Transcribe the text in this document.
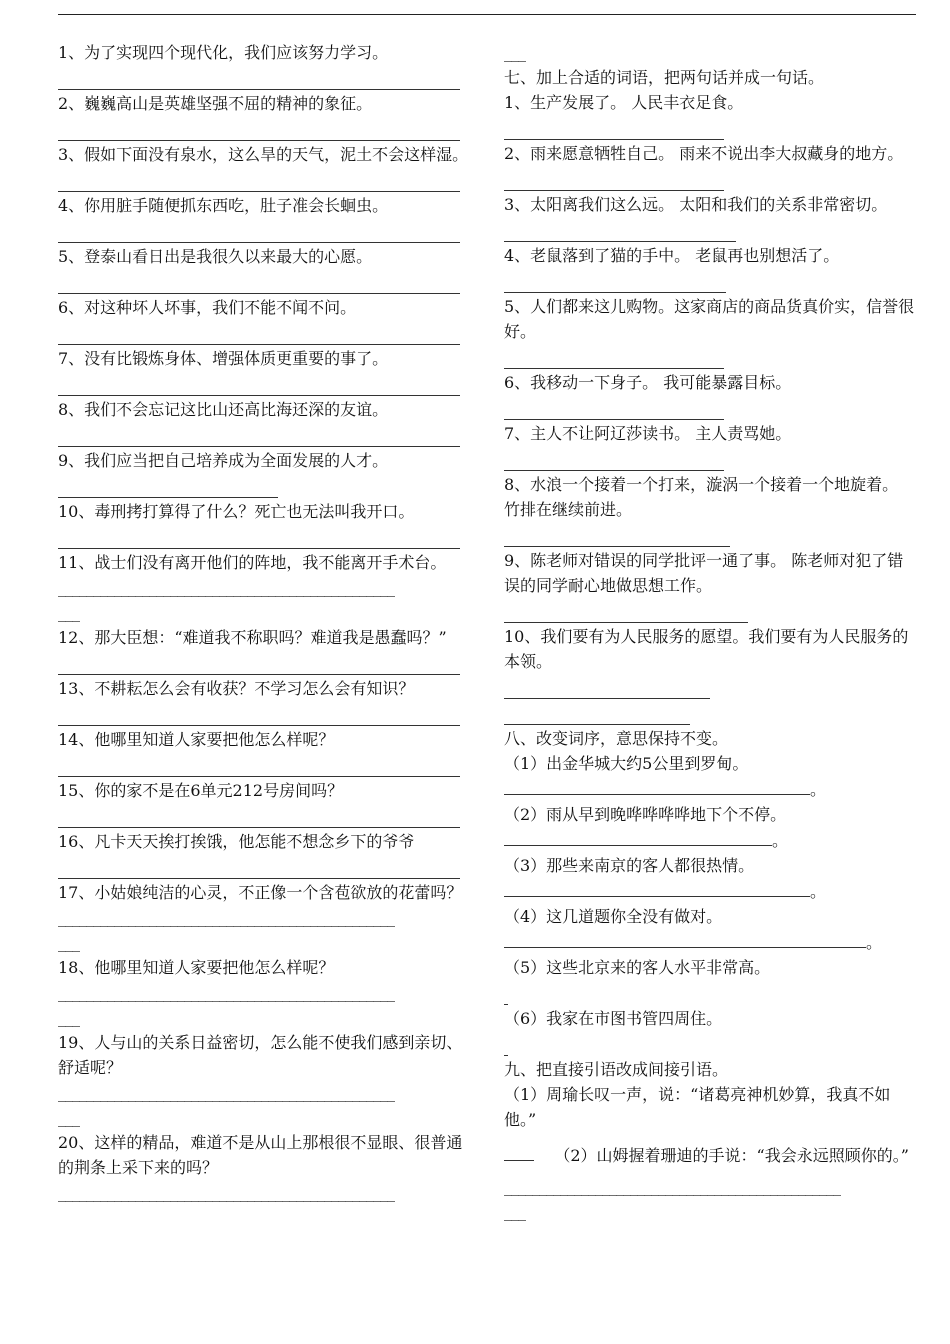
1、为了实现四个现代化，我们应该努力学习。
2、巍巍高山是英雄坚强不屈的精神的象征。
3、假如下面没有泉水，这么旱的天气，泥土不会这样湿。
4、你用脏手随便抓东西吃，肚子准会长蛔虫。
5、登泰山看日出是我很久以来最大的心愿。
6、对这种坏人坏事，我们不能不闻不问。
7、没有比锻炼身体、增强体质更重要的事了。
8、我们不会忘记这比山还高比海还深的友谊。
9、我们应当把自己培养成为全面发展的人才。
10、毒刑拷打算得了什么？死亡也无法叫我开口。
11、战士们没有离开他们的阵地，我不能离开手术台。
________________________________________________
___
12、那大臣想：“难道我不称职吗？难道我是愚蠢吗？”
13、不耕耘怎么会有收获？不学习怎么会有知识？
14、他哪里知道人家要把他怎么样呢？
15、你的家不是在6单元212号房间吗？
16、凡卡天天挨打挨饿，他怎能不想念乡下的爷爷
17、小姑娘纯洁的心灵，不正像一个含苞欲放的花蕾吗？
________________________________________________
___
18、他哪里知道人家要把他怎么样呢？
________________________________________________
___
19、人与山的关系日益密切，怎么能不使我们感到亲切、舒适呢？
________________________________________________
___
20、这样的精品，难道不是从山上那根很不显眼、很普通的荆条上采下来的吗？
________________________________________________
___
七、加上合适的词语，把两句话并成一句话。
1、生产发展了。 人民丰衣足食。
2、雨来愿意牺牲自己。 雨来不说出李大叔藏身的地方。
3、太阳离我们这么远。 太阳和我们的关系非常密切。
4、老鼠落到了猫的手中。 老鼠再也别想活了。
5、人们都来这儿购物。这家商店的商品货真价实，信誉很好。
6、我移动一下身子。 我可能暴露目标。
7、主人不让阿辽莎读书。 主人责骂她。
8、水浪一个接着一个打来，漩涡一个接着一个地旋着。 竹排在继续前进。
9、陈老师对错误的同学批评一通了事。 陈老师对犯了错误的同学耐心地做思想工作。
10、我们要有为人民服务的愿望。我们要有为人民服务的本领。
八、改变词序，意思保持不变。
（1）出金华城大约5公里到罗甸。
。
（2）雨从早到晚哗哗哗哗地下个不停。
。
（3）那些来南京的客人都很热情。
。
（4）这几道题你全没有做对。
。
（5）这些北京来的客人水平非常高。
（6）我家在市图书管四周住。
九、把直接引语改成间接引语。
（1）周瑜长叹一声，说：“诸葛亮神机妙算，我真不如他。”
（2）山姆握着珊迪的手说：“我会永远照顾你的。”
________________________________________________
___
